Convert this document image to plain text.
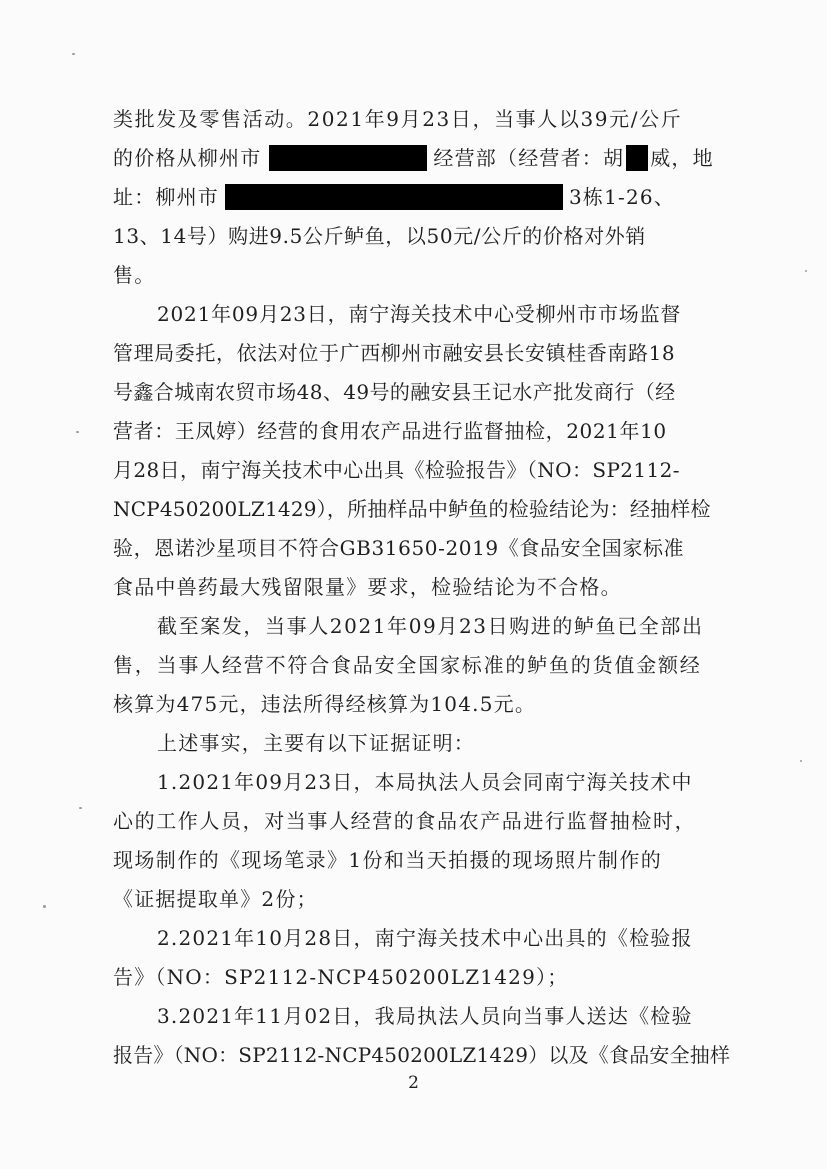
类批发及零售活动。2021年9月23日，当事人以39元/公斤
的价格从柳州市	经营部（经营者：胡 威，地
址：柳州市	3栋1-26、
13、14号）购进9.5公斤鲈鱼，以50元/公斤的价格对外销
售。
2021年09月23日，南宁海关技术中心受柳州市市场监督
管理局委托，依法对位于广西柳州市融安县长安镇桂香南路18
号鑫合城南农贸市场48、49号的融安县王记水产批发商行（经
营者：王凤婷）经营的食用农产品进行监督抽检，2021年10
月28日，南宁海关技术中心出具《检验报告》（NO：SP2112-
NCP450200LZ1429），所抽样品中鲈鱼的检验结论为：经抽样检
验，恩诺沙星项目不符合GB31650-2019《食品安全国家标准
食品中兽药最大残留限量》要求，检验结论为不合格。
截至案发，当事人2021年09月23日购进的鲈鱼已全部出
售，当事人经营不符合食品安全国家标准的鲈鱼的货值金额经
核算为475元，违法所得经核算为104.5元。
上述事实，主要有以下证据证明：
1.2021年09月23日，本局执法人员会同南宁海关技术中
心的工作人员，对当事人经营的食品农产品进行监督抽检时，
现场制作的《现场笔录》1份和当天拍摄的现场照片制作的
《证据提取单》2份；
2.2021年10月28日，南宁海关技术中心出具的《检验报
告》（NO：SP2112-NCP450200LZ1429）；
3.2021年11月02日，我局执法人员向当事人送达《检验
报告》（NO：SP2112-NCP450200LZ1429）以及《食品安全抽样
2
